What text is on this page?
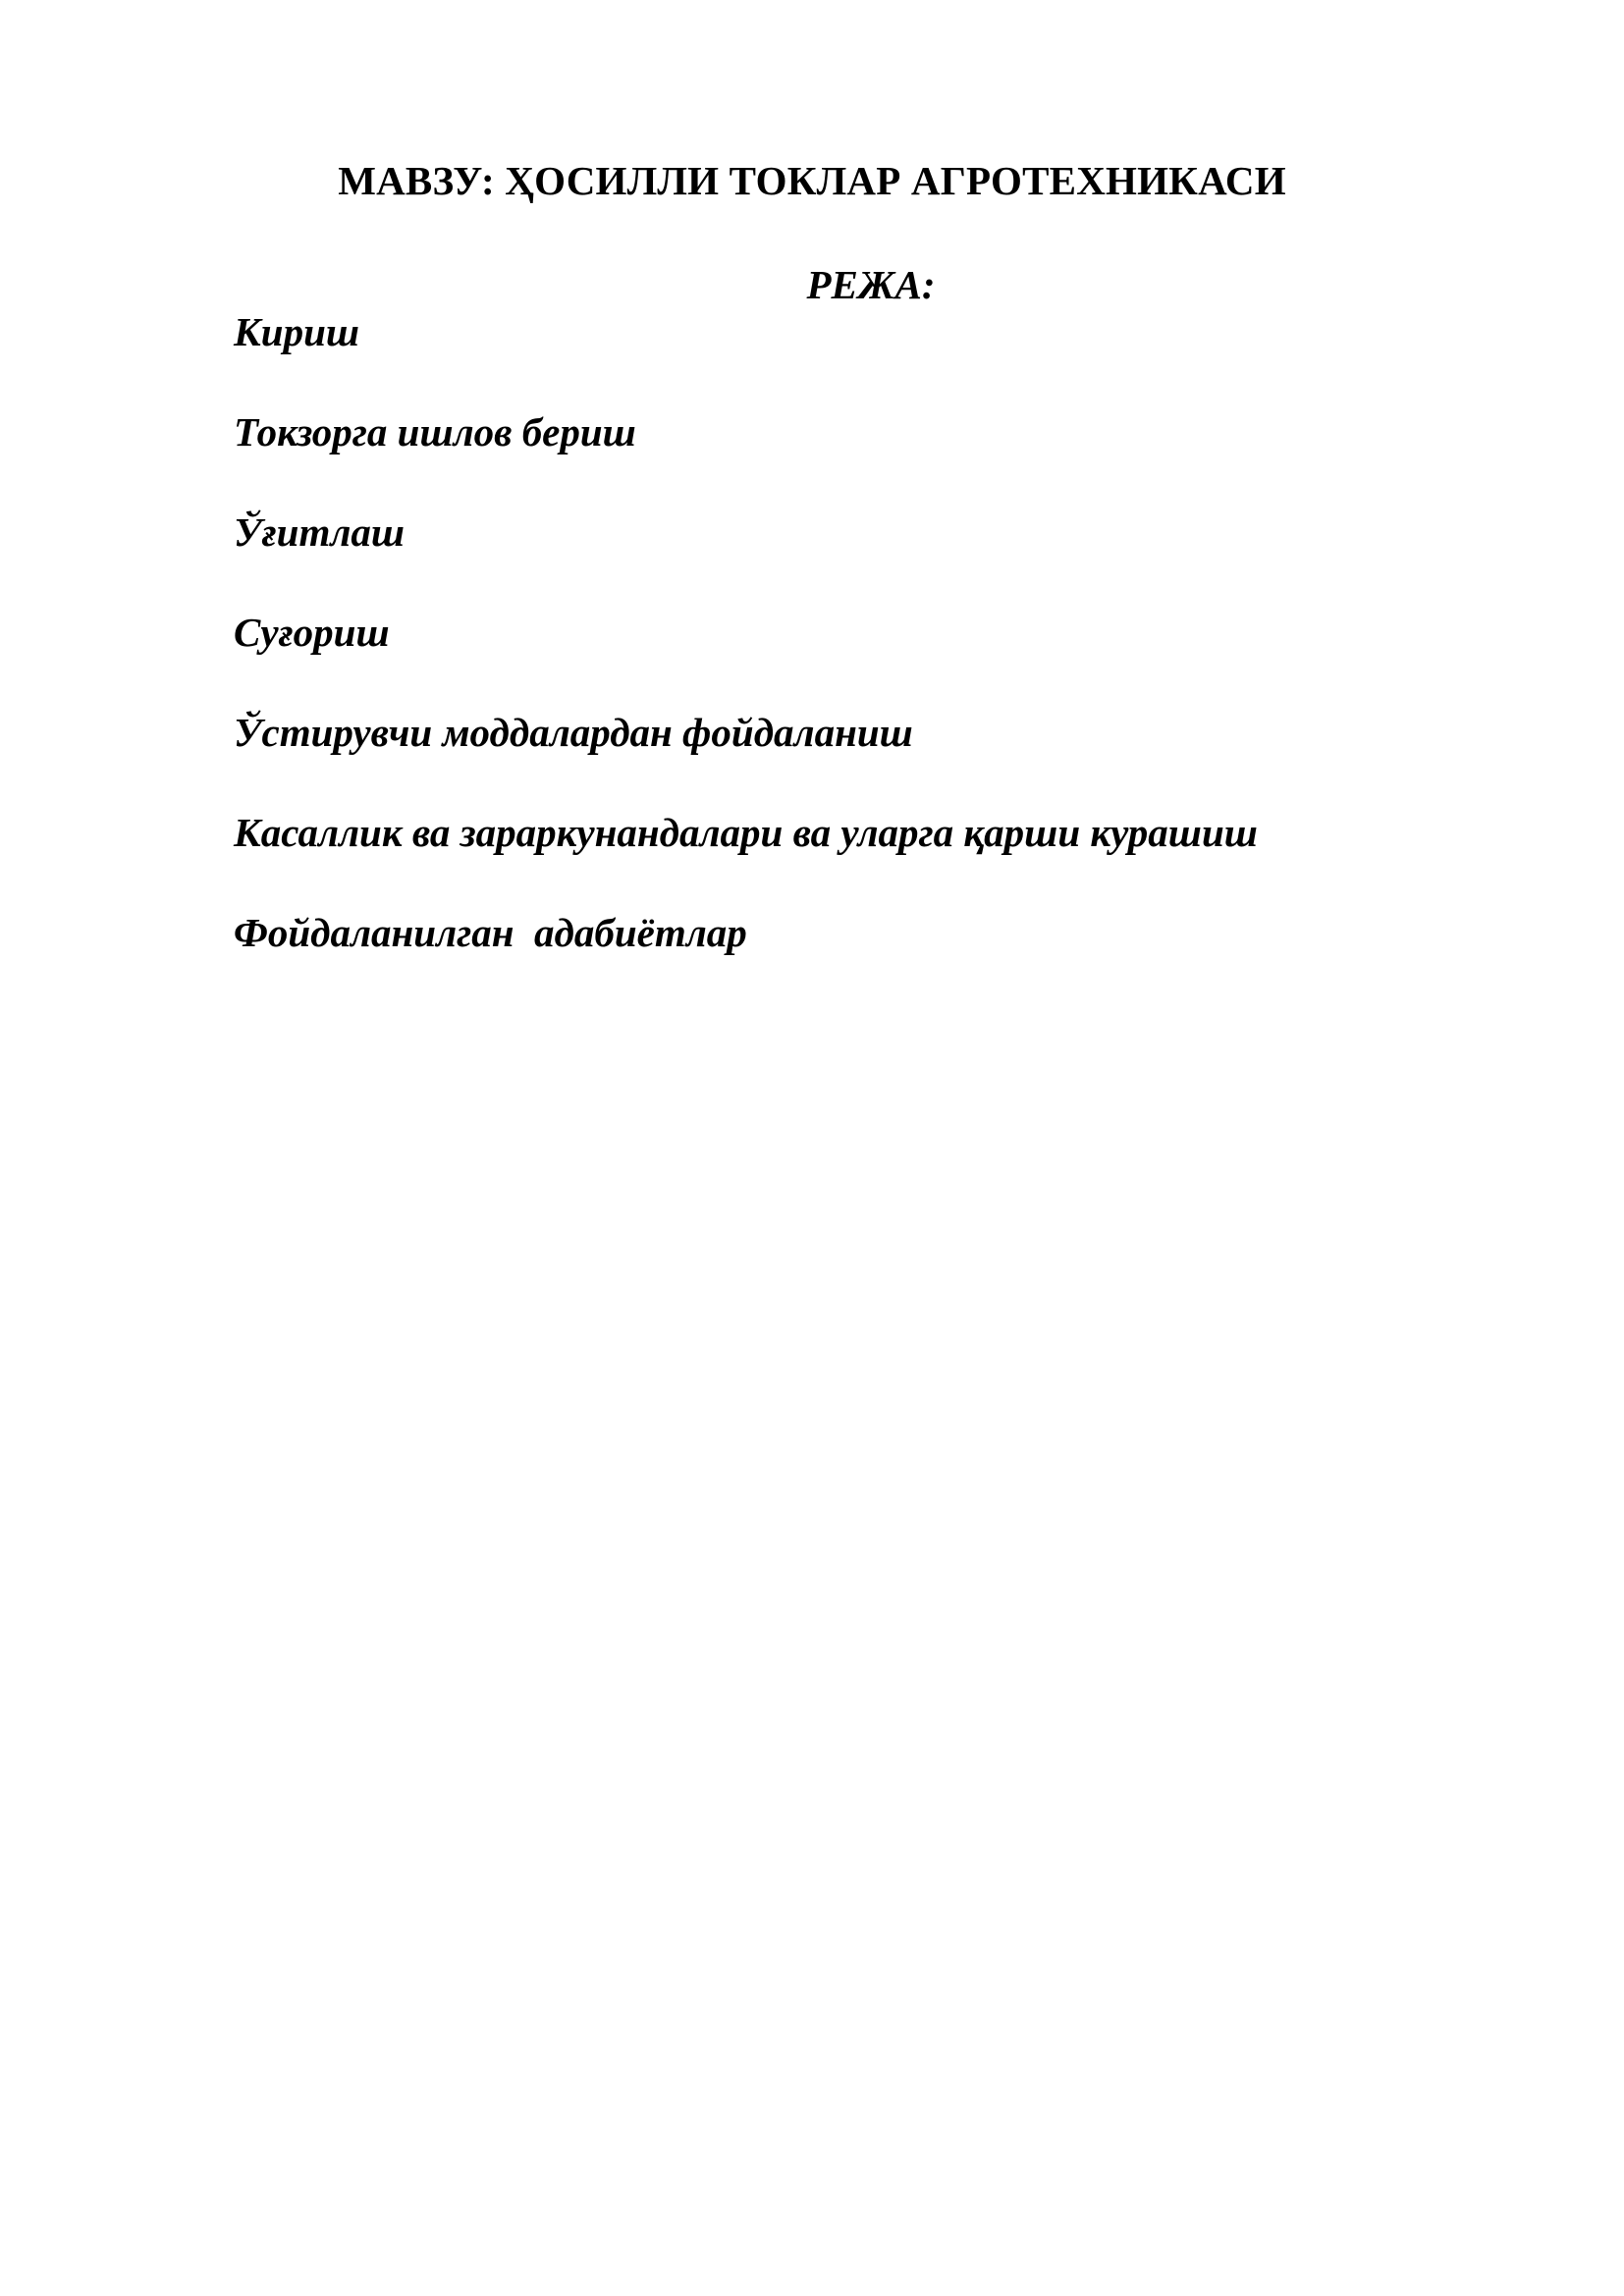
МАВЗУ: ҲОСИЛЛИ ТОКЛАР АГРОТЕХНИКАСИ
РЕЖА:
Кириш
Токзорга ишлов бериш
Ўғитлаш
Суғориш
Ўстирувчи моддалардан фойдаланиш
Касаллик ва зараркунандалари ва уларга қарши курашиш
Фойдаланилган  адабиётлар
